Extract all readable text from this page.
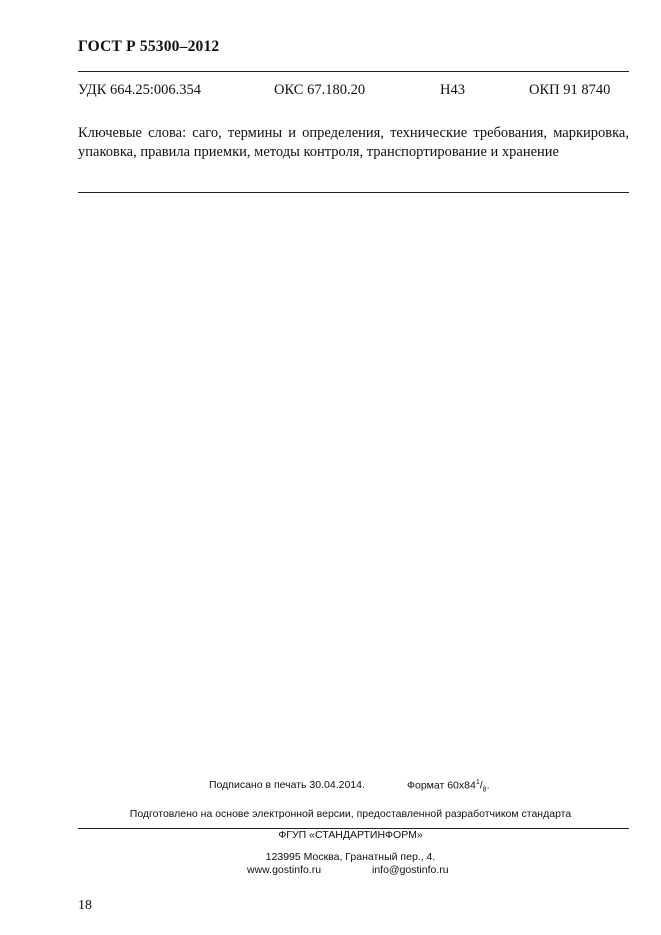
ГОСТ Р 55300–2012
УДК 664.25:006.354	ОКС 67.180.20	Н43	ОКП 91 8740

Ключевые слова: саго, термины и определения, технические требования, маркировка, упаковка, правила приемки, методы контроля, транспортирование и хранение

Подписано в печать 30.04.2014.	Формат $60х84^1/_8$.
Подготовлено на основе электронной версии, предоставленной разработчиком стандарта
ФГУП «СТАНДАРТИНФОРМ»
123995 Москва, Гранатный пер., 4.
www.gostinfo.ru	info@gostinfo.ru
18
